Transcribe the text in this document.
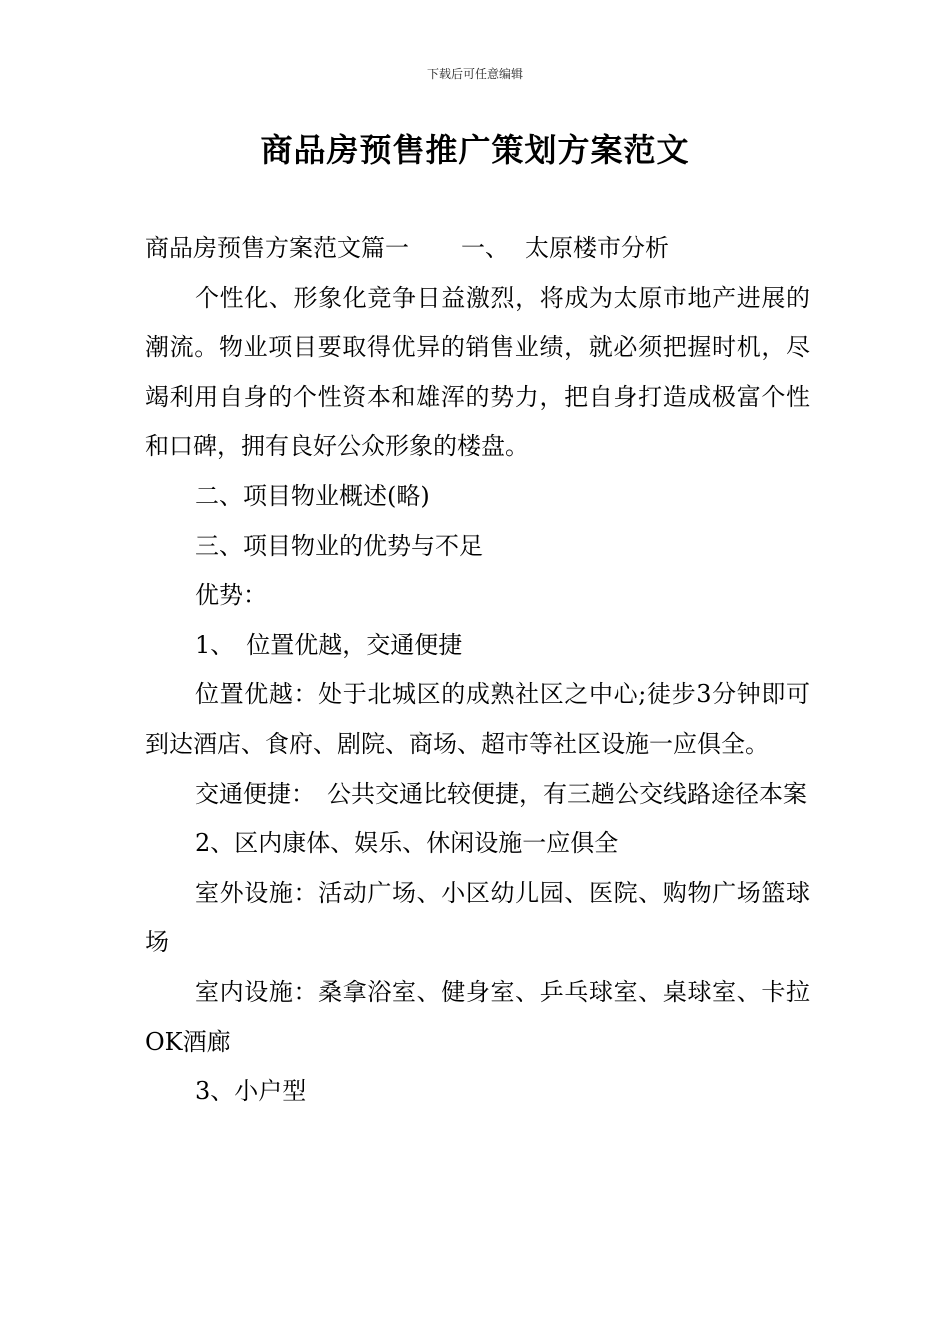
下载后可任意编辑
商品房预售推广策划方案范文

商品房预售方案范文篇一 一、 太原楼市分析

个性化、形象化竞争日益激烈，将成为太原市地产进展的潮流。物业项目要取得优异的销售业绩，就必须把握时机，尽竭利用自身的个性资本和雄浑的势力，把自身打造成极富个性和口碑，拥有良好公众形象的楼盘。

二、项目物业概述(略)

三、项目物业的优势与不足

优势：

1、　位置优越，交通便捷

位置优越：处于北城区的成熟社区之中心;徒步3分钟即可到达酒店、食府、剧院、商场、超市等社区设施一应俱全。

交通便捷：　公共交通比较便捷，有三趟公交线路途径本案

2、区内康体、娱乐、休闲设施一应俱全

室外设施：活动广场、小区幼儿园、医院、购物广场篮球场

室内设施：桑拿浴室、健身室、乒乓球室、桌球室、卡拉OK酒廊

3、小户型
